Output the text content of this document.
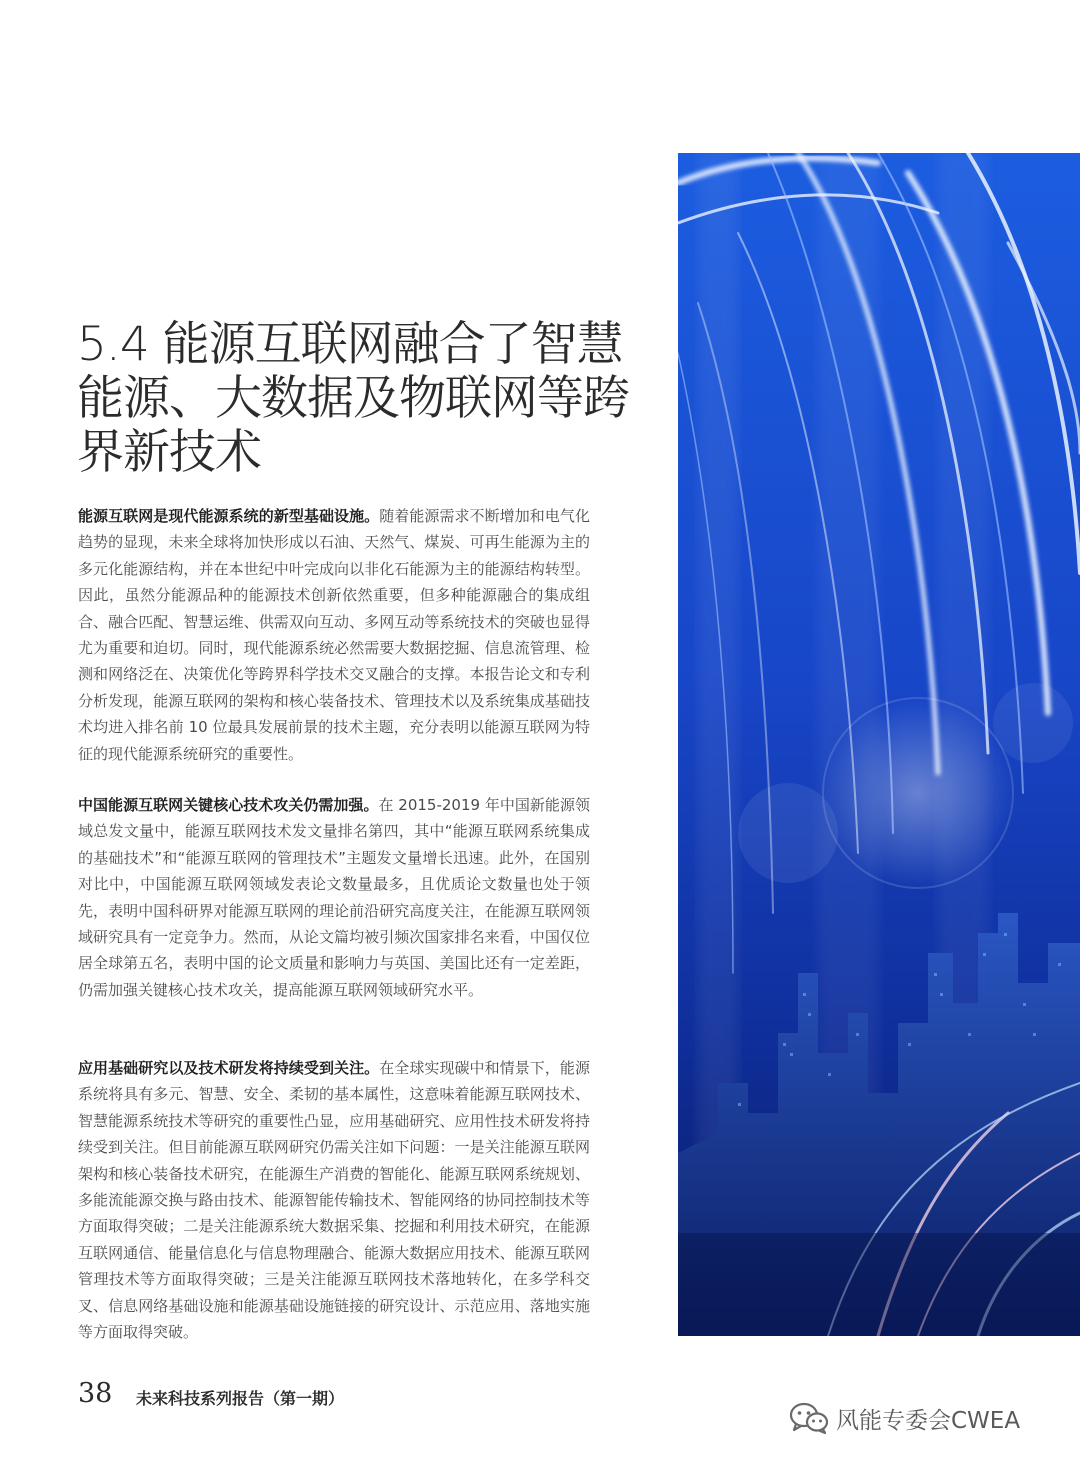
5.4 能源互联网融合了智慧
能源、大数据及物联网等跨
界新技术

能源互联网是现代能源系统的新型基础设施。随着能源需求不断增加和电气化趋势的显现，未来全球将加快形成以石油、天然气、煤炭、可再生能源为主的多元化能源结构，并在本世纪中叶完成向以非化石能源为主的能源结构转型。因此，虽然分能源品种的能源技术创新依然重要，但多种能源融合的集成组合、融合匹配、智慧运维、供需双向互动、多网互动等系统技术的突破也显得尤为重要和迫切。同时，现代能源系统必然需要大数据挖掘、信息流管理、检测和网络泛在、决策优化等跨界科学技术交叉融合的支撑。本报告论文和专利分析发现，能源互联网的架构和核心装备技术、管理技术以及系统集成基础技术均进入排名前 10 位最具发展前景的技术主题，充分表明以能源互联网为特征的现代能源系统研究的重要性。

中国能源互联网关键核心技术攻关仍需加强。在 2015-2019 年中国新能源领域总发文量中，能源互联网技术发文量排名第四，其中“能源互联网系统集成的基础技术”和“能源互联网的管理技术”主题发文量增长迅速。此外，在国别对比中，中国能源互联网领域发表论文数量最多，且优质论文数量也处于领先，表明中国科研界对能源互联网的理论前沿研究高度关注，在能源互联网领域研究具有一定竞争力。然而，从论文篇均被引频次国家排名来看，中国仅位居全球第五名，表明中国的论文质量和影响力与英国、美国比还有一定差距，仍需加强关键核心技术攻关，提高能源互联网领域研究水平。

应用基础研究以及技术研发将持续受到关注。在全球实现碳中和情景下，能源系统将具有多元、智慧、安全、柔韧的基本属性，这意味着能源互联网技术、智慧能源系统技术等研究的重要性凸显，应用基础研究、应用性技术研发将持续受到关注。但目前能源互联网研究仍需关注如下问题：一是关注能源互联网架构和核心装备技术研究，在能源生产消费的智能化、能源互联网系统规划、多能流能源交换与路由技术、能源智能传输技术、智能网络的协同控制技术等方面取得突破；二是关注能源系统大数据采集、挖掘和利用技术研究，在能源互联网通信、能量信息化与信息物理融合、能源大数据应用技术、能源互联网管理技术等方面取得突破；三是关注能源互联网技术落地转化，在多学科交叉、信息网络基础设施和能源基础设施链接的研究设计、示范应用、落地实施等方面取得突破。

38 未来科技系列报告（第一期）
风能专委会CWEA
